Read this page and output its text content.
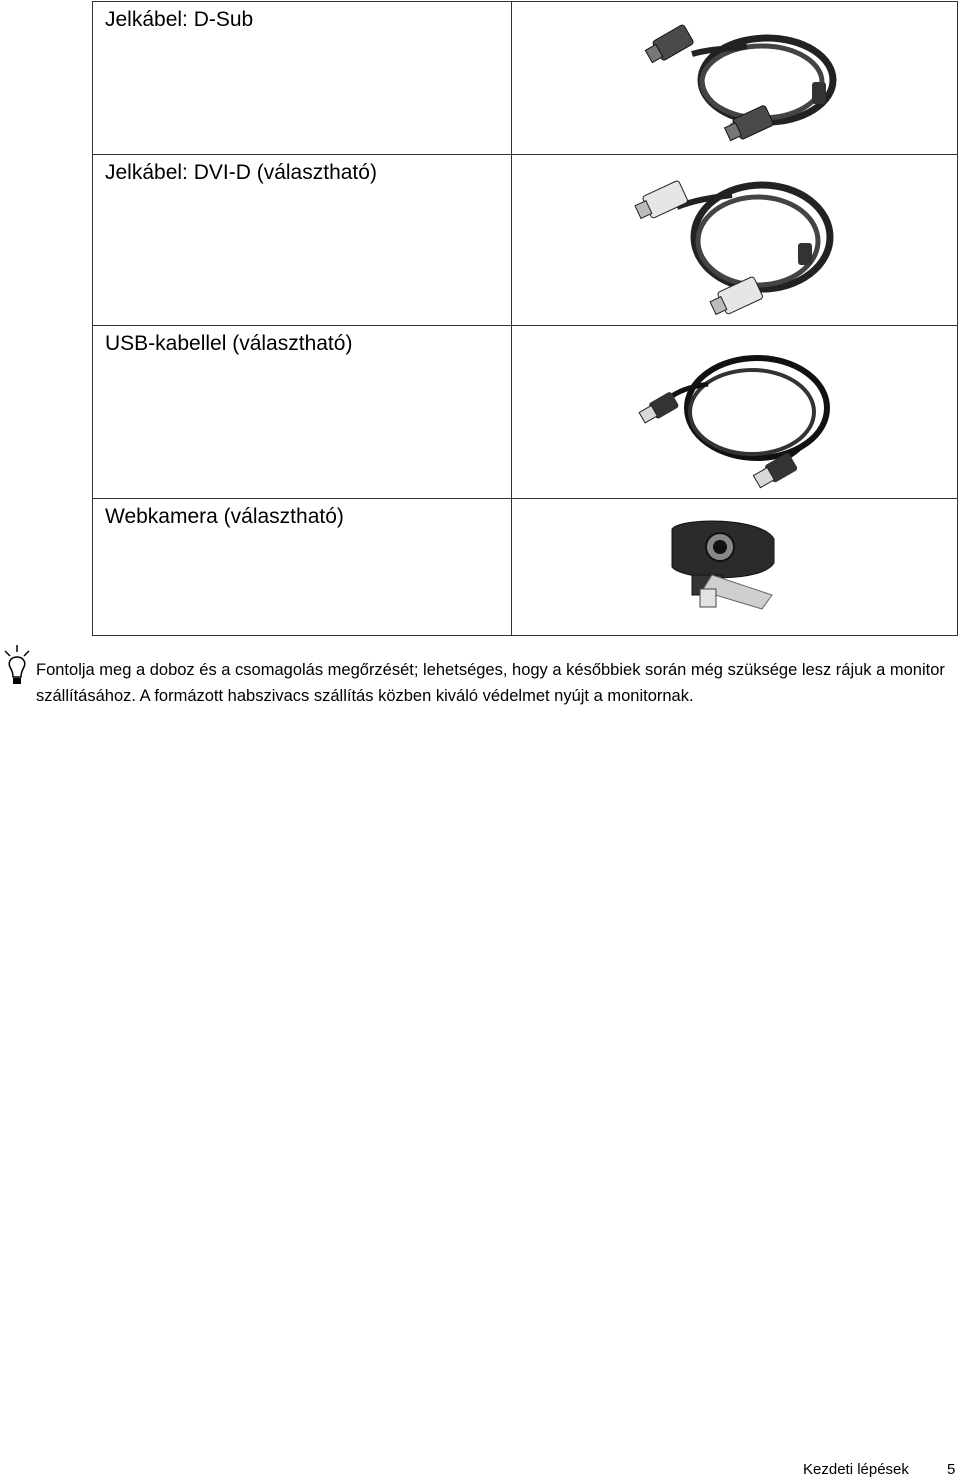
Jelkábel: D-Sub

Jelkábel: DVI-D (választható)

USB-kabellel (választható)

Webkamera (választható)

Fontolja meg a doboz és a csomagolás megőrzését; lehetséges, hogy a későbbiek során még szüksége lesz rájuk a monitor szállításához. A formázott habszivacs szállítás közben kiváló védelmet nyújt a monitornak.
Kezdeti lépések	5
